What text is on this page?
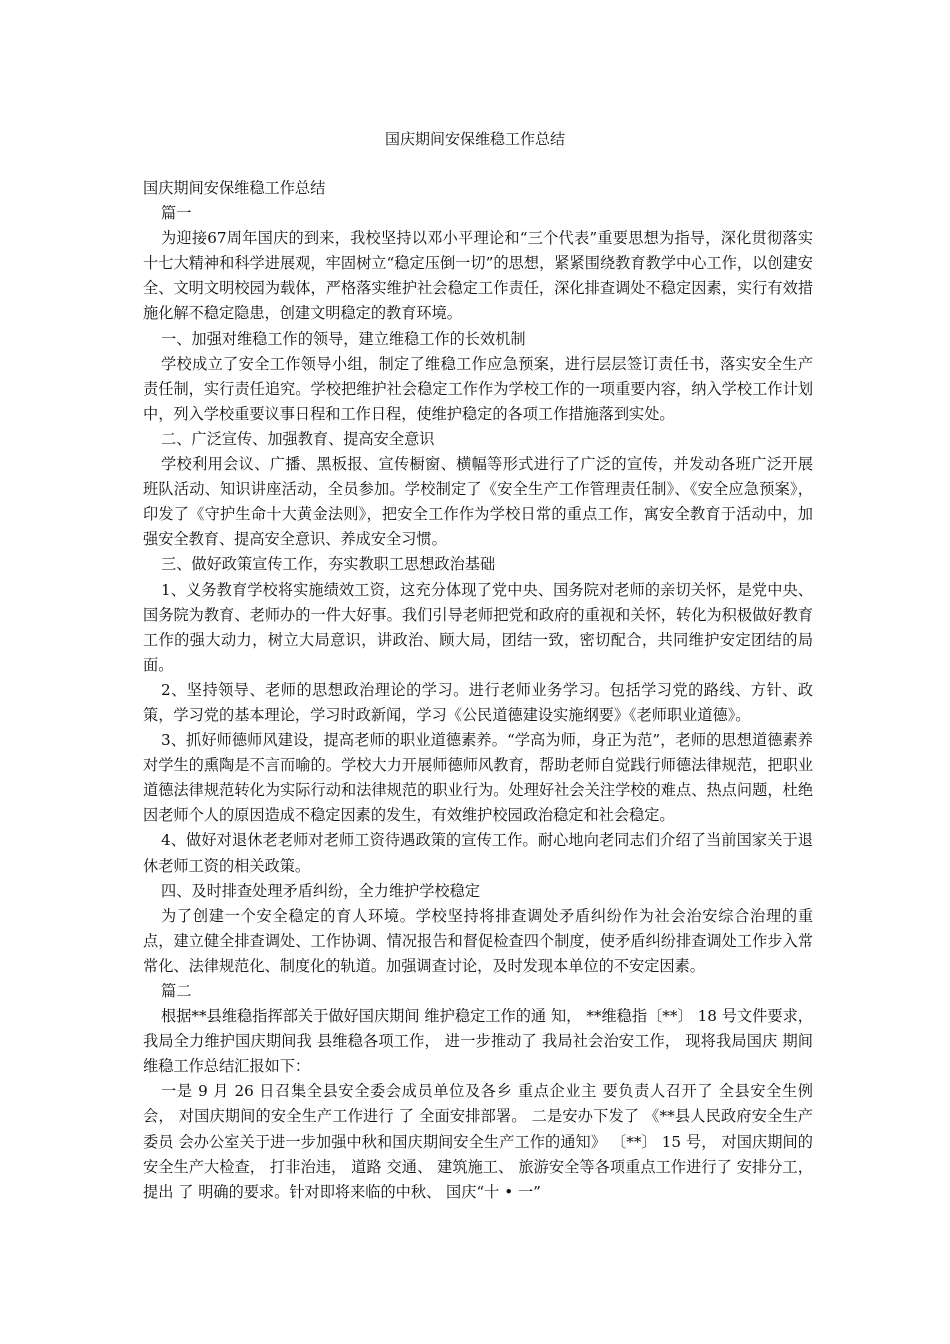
国庆期间安保维稳工作总结

国庆期间安保维稳工作总结

篇一

为迎接67周年国庆的到来，我校坚持以邓小平理论和“三个代表”重要思想为指导，深化贯彻落实十七大精神和科学进展观，牢固树立“稳定压倒一切”的思想，紧紧围绕教育教学中心工作，以创建安全、文明文明校园为载体，严格落实维护社会稳定工作责任，深化排查调处不稳定因素，实行有效措施化解不稳定隐患，创建文明稳定的教育环境。

一、加强对维稳工作的领导，建立维稳工作的长效机制

学校成立了安全工作领导小组，制定了维稳工作应急预案，进行层层签订责任书，落实安全生产责任制，实行责任追究。学校把维护社会稳定工作作为学校工作的一项重要内容，纳入学校工作计划中，列入学校重要议事日程和工作日程，使维护稳定的各项工作措施落到实处。

二、广泛宣传、加强教育、提高安全意识

学校利用会议、广播、黑板报、宣传橱窗、横幅等形式进行了广泛的宣传，并发动各班广泛开展班队活动、知识讲座活动，全员参加。学校制定了《安全生产工作管理责任制》、《安全应急预案》，印发了《守护生命十大黄金法则》，把安全工作作为学校日常的重点工作，寓安全教育于活动中，加强安全教育、提高安全意识、养成安全习惯。

三、做好政策宣传工作，夯实教职工思想政治基础

1、义务教育学校将实施绩效工资，这充分体现了党中央、国务院对老师的亲切关怀，是党中央、国务院为教育、老师办的一件大好事。我们引导老师把党和政府的重视和关怀，转化为积极做好教育工作的强大动力，树立大局意识，讲政治、顾大局，团结一致，密切配合，共同维护安定团结的局面。

2、坚持领导、老师的思想政治理论的学习。进行老师业务学习。包括学习党的路线、方针、政策，学习党的基本理论，学习时政新闻，学习《公民道德建设实施纲要》《老师职业道德》。

3、抓好师德师风建设，提高老师的职业道德素养。“学高为师，身正为范”，老师的思想道德素养对学生的熏陶是不言而喻的。学校大力开展师德师风教育，帮助老师自觉践行师德法律规范，把职业道德法律规范转化为实际行动和法律规范的职业行为。处理好社会关注学校的难点、热点问题，杜绝因老师个人的原因造成不稳定因素的发生，有效维护校园政治稳定和社会稳定。

4、做好对退休老老师对老师工资待遇政策的宣传工作。耐心地向老同志们介绍了当前国家关于退休老师工资的相关政策。

四、及时排查处理矛盾纠纷，全力维护学校稳定

为了创建一个安全稳定的育人环境。学校坚持将排查调处矛盾纠纷作为社会治安综合治理的重点，建立健全排查调处、工作协调、情况报告和督促检查四个制度，使矛盾纠纷排查调处工作步入常常化、法律规范化、制度化的轨道。加强调查讨论，及时发现本单位的不安定因素。

篇二

根据**县维稳指挥部关于做好国庆期间 维护稳定工作的通 知， **维稳指〔**〕 18 号文件要求， 我局全力维护国庆期间我 县维稳各项工作， 进一步推动了 我局社会治安工作， 现将我局国庆 期间维稳工作总结汇报如下：

一是 9 月 26 日召集全县安全委会成员单位及各乡 重点企业主 要负责人召开了 全县安全生例会， 对国庆期间的安全生产工作进行 了 全面安排部署。 二是安办下发了 《**县人民政府安全生产委员 会办公室关于进一步加强中秋和国庆期间安全生产工作的通知》 〔**〕 15 号， 对国庆期间的安全生产大检查， 打非治违， 道路 交通、 建筑施工、 旅游安全等各项重点工作进行了 安排分工， 提出 了 明确的要求。针对即将来临的中秋、 国庆“十 • 一”
